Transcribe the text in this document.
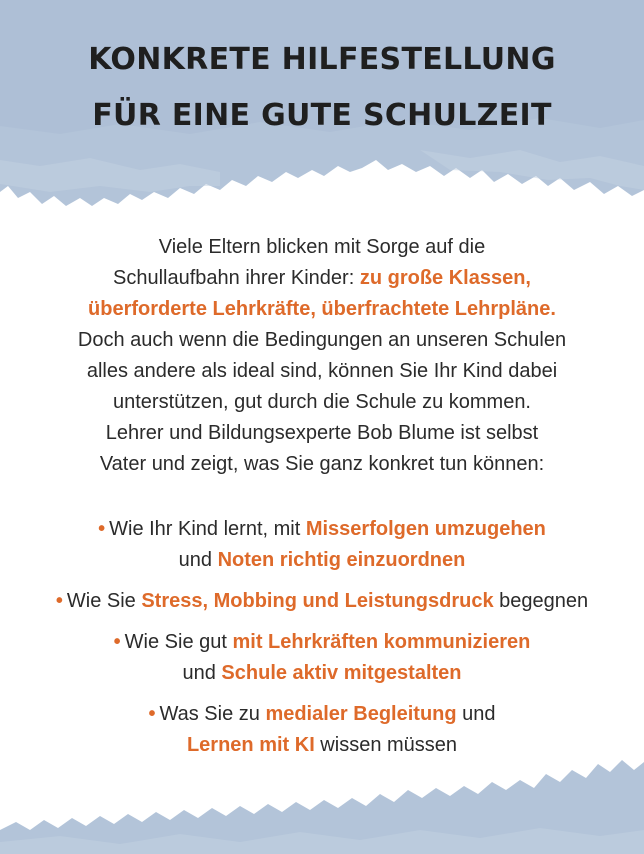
KONKRETE HILFESTELLUNG
FÜR EINE GUTE SCHULZEIT
Viele Eltern blicken mit Sorge auf die
Schullaufbahn ihrer Kinder: zu große Klassen,
überforderte Lehrkräfte, überfrachtete Lehrpläne.
Doch auch wenn die Bedingungen an unseren Schulen
alles andere als ideal sind, können Sie Ihr Kind dabei
unterstützen, gut durch die Schule zu kommen.
Lehrer und Bildungsexperte Bob Blume ist selbst
Vater und zeigt, was Sie ganz konkret tun können:
• Wie Ihr Kind lernt, mit Misserfolgen umzugehen
und Noten richtig einzuordnen
• Wie Sie Stress, Mobbing und Leistungsdruck begegnen
• Wie Sie gut mit Lehrkräften kommunizieren
und Schule aktiv mitgestalten
• Was Sie zu medialer Begleitung und
Lernen mit KI wissen müssen
